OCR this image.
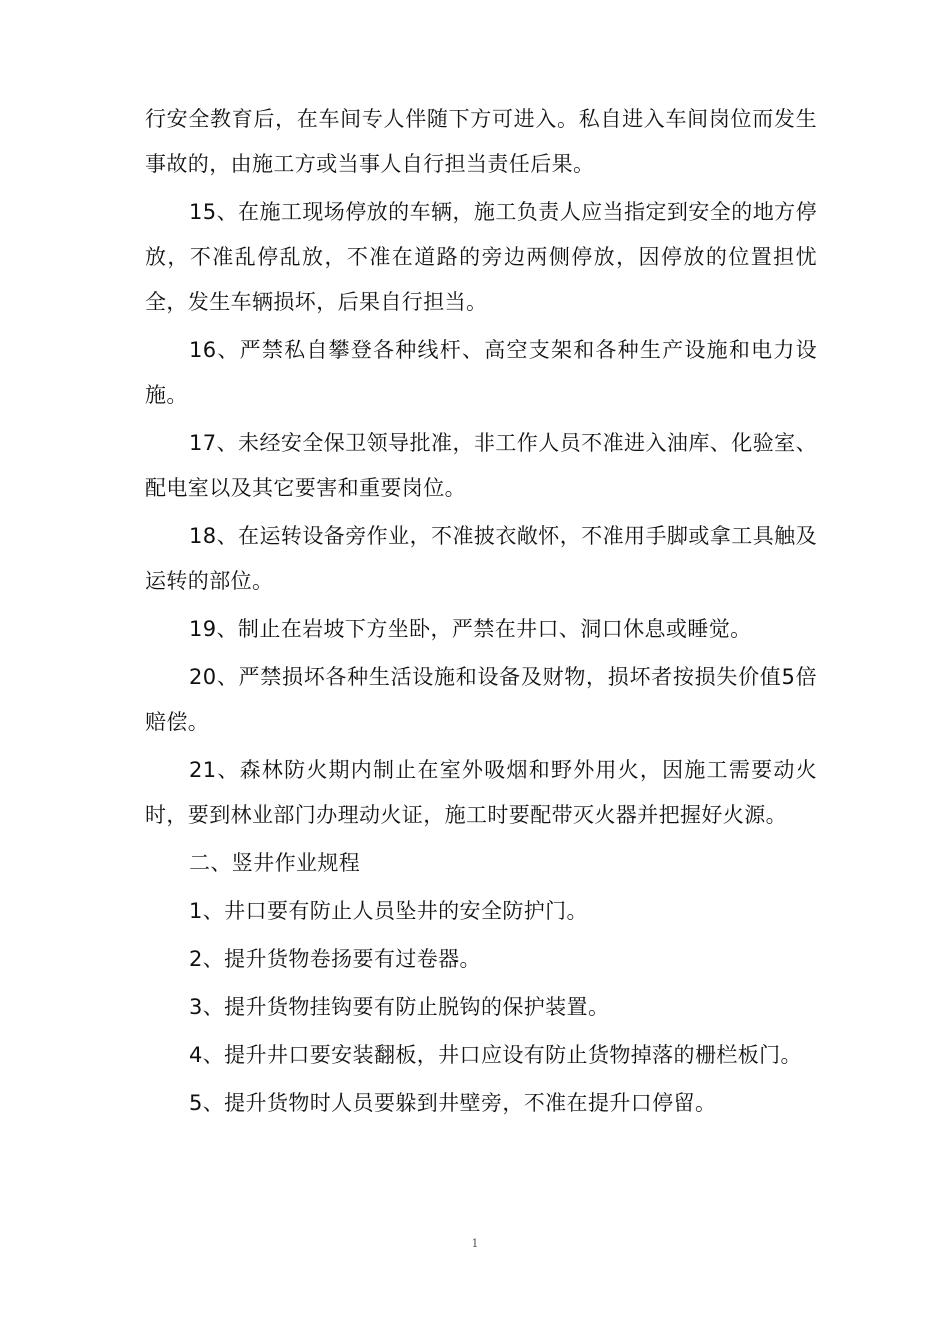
行安全教育后，在车间专人伴随下方可进入。私自进入车间岗位而发生事故的，由施工方或当事人自行担当责任后果。

15、在施工现场停放的车辆，施工负责人应当指定到安全的地方停放，不准乱停乱放，不准在道路的旁边两侧停放，因停放的位置担忧全，发生车辆损坏，后果自行担当。

16、严禁私自攀登各种线杆、高空支架和各种生产设施和电力设施。

17、未经安全保卫领导批准，非工作人员不准进入油库、化验室、配电室以及其它要害和重要岗位。

18、在运转设备旁作业，不准披衣敞怀，不准用手脚或拿工具触及运转的部位。

19、制止在岩坡下方坐卧，严禁在井口、洞口休息或睡觉。

20、严禁损坏各种生活设施和设备及财物，损坏者按损失价值5倍赔偿。

21、森林防火期内制止在室外吸烟和野外用火，因施工需要动火时，要到林业部门办理动火证，施工时要配带灭火器并把握好火源。

二、竖井作业规程

1、井口要有防止人员坠井的安全防护门。

2、提升货物卷扬要有过卷器。

3、提升货物挂钩要有防止脱钩的保护装置。

4、提升井口要安装翻板，井口应设有防止货物掉落的栅栏板门。

5、提升货物时人员要躲到井壁旁，不准在提升口停留。

1
